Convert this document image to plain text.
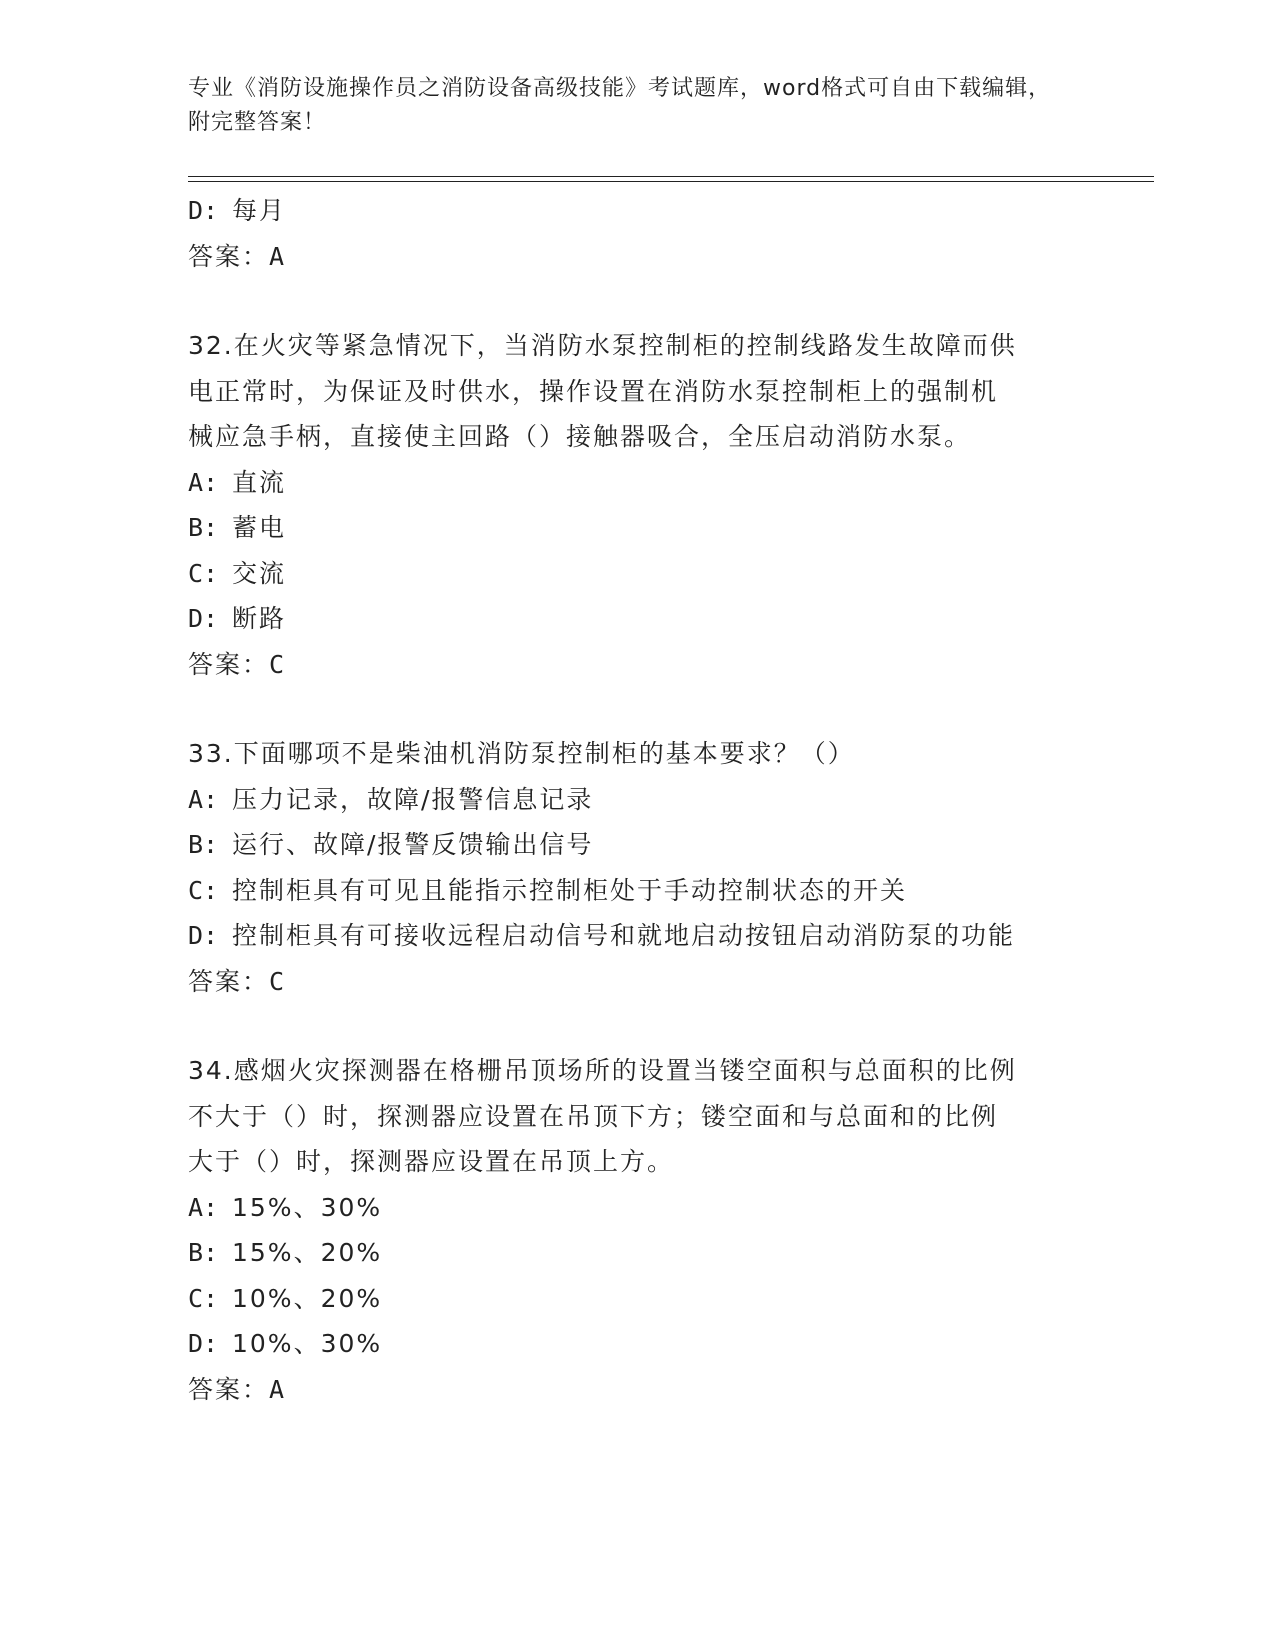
专业《消防设施操作员之消防设备高级技能》考试题库，word格式可自由下载编辑，附完整答案！
D: 每月
答案：A
32.在火灾等紧急情况下，当消防水泵控制柜的控制线路发生故障而供
电正常时，为保证及时供水，操作设置在消防水泵控制柜上的强制机
械应急手柄，直接使主回路（）接触器吸合，全压启动消防水泵。
A: 直流
B: 蓄电
C: 交流
D: 断路
答案：C
33.下面哪项不是柴油机消防泵控制柜的基本要求？（）
A: 压力记录，故障/报警信息记录
B: 运行、故障/报警反馈输出信号
C: 控制柜具有可见且能指示控制柜处于手动控制状态的开关
D: 控制柜具有可接收远程启动信号和就地启动按钮启动消防泵的功能
答案：C
34.感烟火灾探测器在格栅吊顶场所的设置当镂空面积与总面积的比例
不大于（）时，探测器应设置在吊顶下方；镂空面和与总面和的比例
大于（）时，探测器应设置在吊顶上方。
A: 15%、30%
B: 15%、20%
C: 10%、20%
D: 10%、30%
答案：A
